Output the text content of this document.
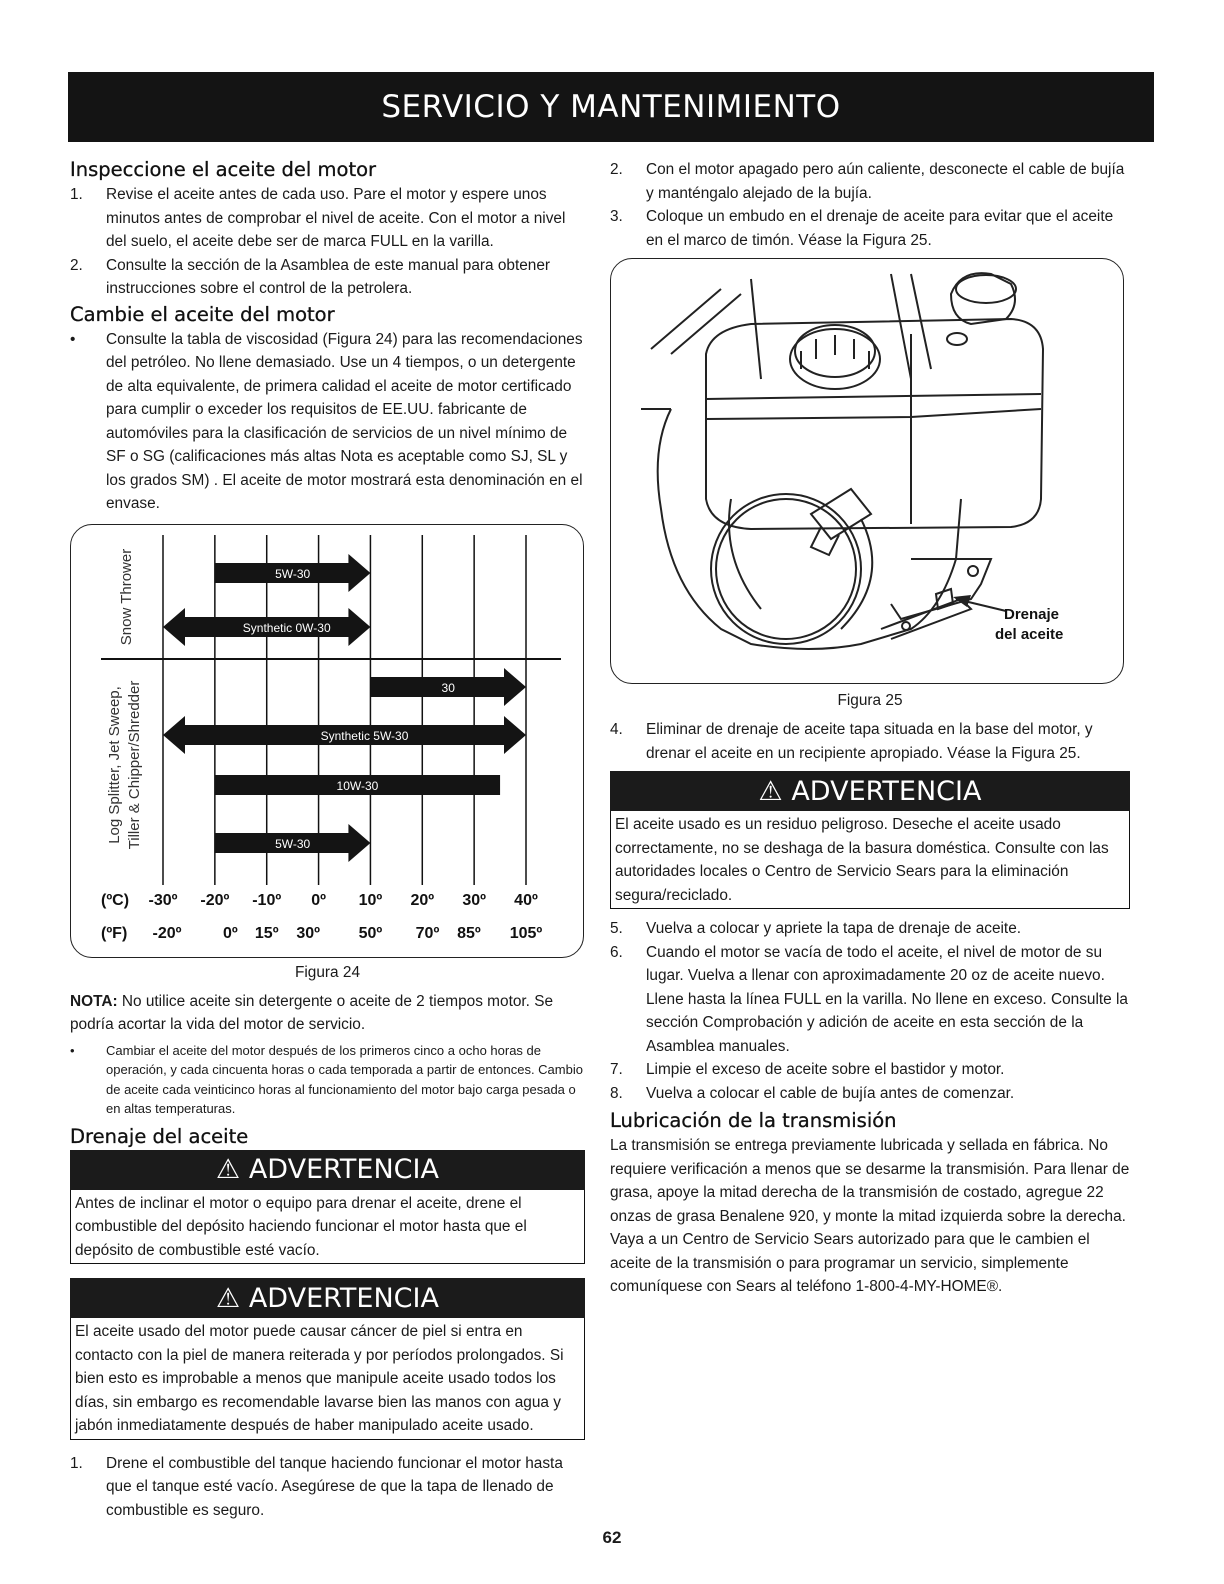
SERVICIO Y MANTENIMIENTO
Inspeccione el aceite del motor
1.	Revise el aceite antes de cada uso. Pare el motor y espere unos minutos antes de comprobar el nivel de aceite. Con el motor a nivel del suelo, el aceite debe ser de marca FULL en la varilla.
2.	Consulte la sección de la Asamblea de este manual para obtener instrucciones sobre el control de la petrolera.
Cambie el aceite del motor
•	Consulte la tabla de viscosidad (Figura 24) para las recomendaciones del petróleo. No llene demasiado. Use un 4 tiempos, o un detergente de alta equivalente, de primera calidad el aceite de motor certificado para cumplir o exceder los requisitos de EE.UU. fabricante de automóviles para la clasificación de servicios de un nivel mínimo de SF o SG (calificaciones más altas Nota es aceptable como SJ, SL y los grados SM) . El aceite de motor mostrará esta denominación en el envase.
Snow Thrower
Log Splitter, Jet Sweep, Tiller & Chipper/Shredder
5W-30
Synthetic 0W-30
30
Synthetic 5W-30
10W-30
5W-30
(ºC) -30º -20º -10º 0º 10º 20º 30º 40º
(ºF) -20º	0º 15º 30º 50º 70º 85º 105º
Figura 24

NOTA: No utilice aceite sin detergente o aceite de 2 tiempos motor. Se podría acortar la vida del motor de servicio.

•	Cambiar el aceite del motor después de los primeros cinco a ocho horas de operación, y cada cincuenta horas o cada temporada a partir de entonces. Cambio de aceite cada veinticinco horas al funcionamiento del motor bajo carga pesada o en altas temperaturas.
Drenaje del aceite
⚠ ADVERTENCIA
Antes de inclinar el motor o equipo para drenar el aceite, drene el combustible del depósito haciendo funcionar el motor hasta que el depósito de combustible esté vacío.
⚠ ADVERTENCIA
El aceite usado del motor puede causar cáncer de piel si entra en contacto con la piel de manera reiterada y por períodos prolongados. Si bien esto es improbable a menos que manipule aceite usado todos los días, sin embargo es recomendable lavarse bien las manos con agua y jabón inmediatamente después de haber manipulado aceite usado.
1.	Drene el combustible del tanque haciendo funcionar el motor hasta que el tanque esté vacío. Asegúrese de que la tapa de llenado de combustible es seguro.
2.	Con el motor apagado pero aún caliente, desconecte el cable de bujía y manténgalo alejado de la bujía.
3.	Coloque un embudo en el drenaje de aceite para evitar que el aceite en el marco de timón. Véase la Figura 25.
Drenaje
del aceite
Figura 25
4.	Eliminar de drenaje de aceite tapa situada en la base del motor, y drenar el aceite en un recipiente apropiado. Véase la Figura 25.
⚠ ADVERTENCIA
El aceite usado es un residuo peligroso. Deseche el aceite usado correctamente, no se deshaga de la basura doméstica. Consulte con las autoridades locales o Centro de Servicio Sears para la eliminación segura/reciclado.
5.	Vuelva a colocar y apriete la tapa de drenaje de aceite.
6.	Cuando el motor se vacía de todo el aceite, el nivel de motor de su lugar. Vuelva a llenar con aproximadamente 20 oz de aceite nuevo. Llene hasta la línea FULL en la varilla. No llene en exceso. Consulte la sección Comprobación y adición de aceite en esta sección de la Asamblea manuales.
7.	Limpie el exceso de aceite sobre el bastidor y motor.
8.	Vuelva a colocar el cable de bujía antes de comenzar.
Lubricación de la transmisión

La transmisión se entrega previamente lubricada y sellada en fábrica. No requiere verificación a menos que se desarme la transmisión. Para llenar de grasa, apoye la mitad derecha de la transmisión de costado, agregue 22 onzas de grasa Benalene 920, y monte la mitad izquierda sobre la derecha. Vaya a un Centro de Servicio Sears autorizado para que le cambien el aceite de la transmisión o para programar un servicio, simplemente comuníquese con Sears al teléfono 1-800-4-MY-HOME®.

62
